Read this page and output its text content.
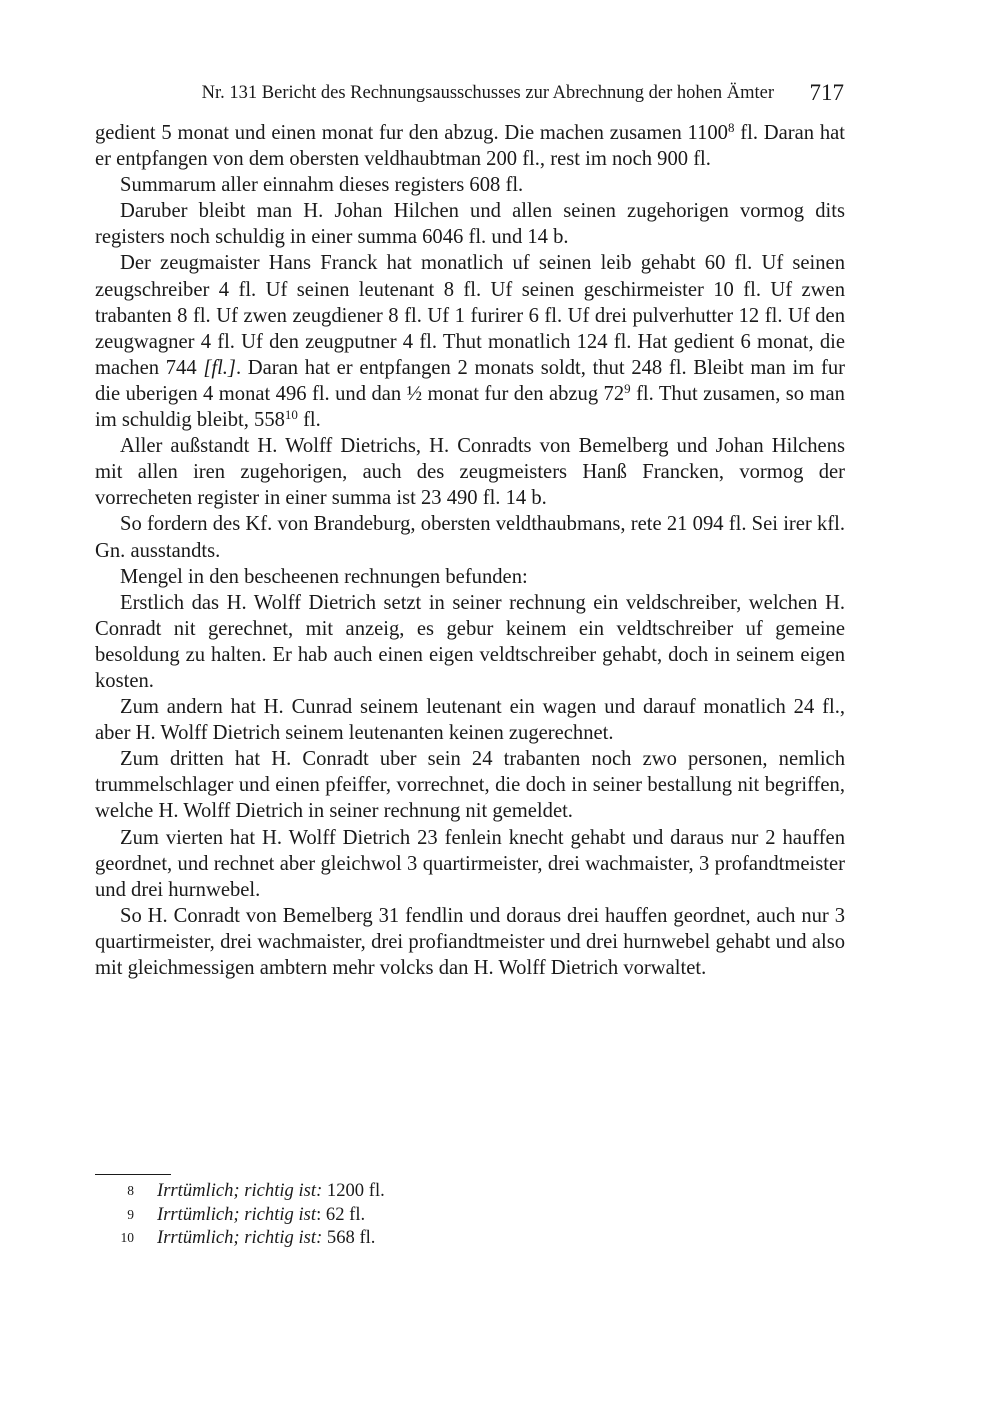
Nr. 131 Bericht des Rechnungsausschusses zur Abrechnung der hohen Ämter 717

gedient 5 monat und einen monat fur den abzug. Die machen zusamen 1100$^8$ fl. Daran hat er entpfangen von dem obersten veldhaubtman 200 fl., rest im noch 900 fl.

Summarum aller einnahm dieses registers 608 fl.

Daruber bleibt man H. Johan Hilchen und allen seinen zugehorigen vormog dits registers noch schuldig in einer summa 6046 fl. und 14 b.

Der zeugmaister Hans Franck hat monatlich uf seinen leib gehabt 60 fl. Uf seinen zeugschreiber 4 fl. Uf seinen leutenant 8 fl. Uf seinen geschirmeister 10 fl. Uf zwen trabanten 8 fl. Uf zwen zeugdiener 8 fl. Uf 1 furirer 6 fl. Uf drei pulverhutter 12 fl. Uf den zeugwagner 4 fl. Uf den zeugputner 4 fl. Thut monatlich 124 fl. Hat gedient 6 monat, die machen 744 [fl.]. Daran hat er entpfangen 2 monats soldt, thut 248 fl. Bleibt man im fur die uberigen 4 monat 496 fl. und dan ½ monat fur den abzug $72^9$ fl. Thut zusamen, so man im schuldig bleibt, $558^{10}$ fl.

Aller außstandt H. Wolff Dietrichs, H. Conradts von Bemelberg und Johan Hilchens mit allen iren zugehorigen, auch des zeugmeisters Hanß Francken, vormog der vorrecheten register in einer summa ist 23 490 fl. 14 b.

So fordern des Kf. von Brandeburg, obersten veldthaubmans, rete 21 094 fl. Sei irer kfl. Gn. ausstandts.

Mengel in den bescheenen rechnungen befunden:

Erstlich das H. Wolff Dietrich setzt in seiner rechnung ein veldschreiber, welchen H. Conradt nit gerechnet, mit anzeig, es gebur keinem ein veldtschreiber uf gemeine besoldung zu halten. Er hab auch einen eigen veldtschreiber gehabt, doch in seinem eigen kosten.

Zum andern hat H. Cunrad seinem leutenant ein wagen und darauf monatlich 24 fl., aber H. Wolff Dietrich seinem leutenanten keinen zugerechnet.

Zum dritten hat H. Conradt uber sein 24 trabanten noch zwo personen, nemlich trummelschlager und einen pfeiffer, vorrechnet, die doch in seiner bestallung nit begriffen, welche H. Wolff Dietrich in seiner rechnung nit gemeldet.

Zum vierten hat H. Wolff Dietrich 23 fenlein knecht gehabt und daraus nur 2 hauffen geordnet, und rechnet aber gleichwol 3 quartirmeister, drei wachmaister, 3 profandtmeister und drei hurnwebel.

So H. Conradt von Bemelberg 31 fendlin und doraus drei hauffen geordnet, auch nur 3 quartirmeister, drei wachmaister, drei profiandtmeister und drei hurnwebel gehabt und also mit gleichmessigen ambtern mehr volcks dan H. Wolff Dietrich vorwaltet.

8 Irrtümlich; richtig ist: 1200 fl.
9 Irrtümlich; richtig ist: 62 fl.
10 Irrtümlich; richtig ist: 568 fl.
